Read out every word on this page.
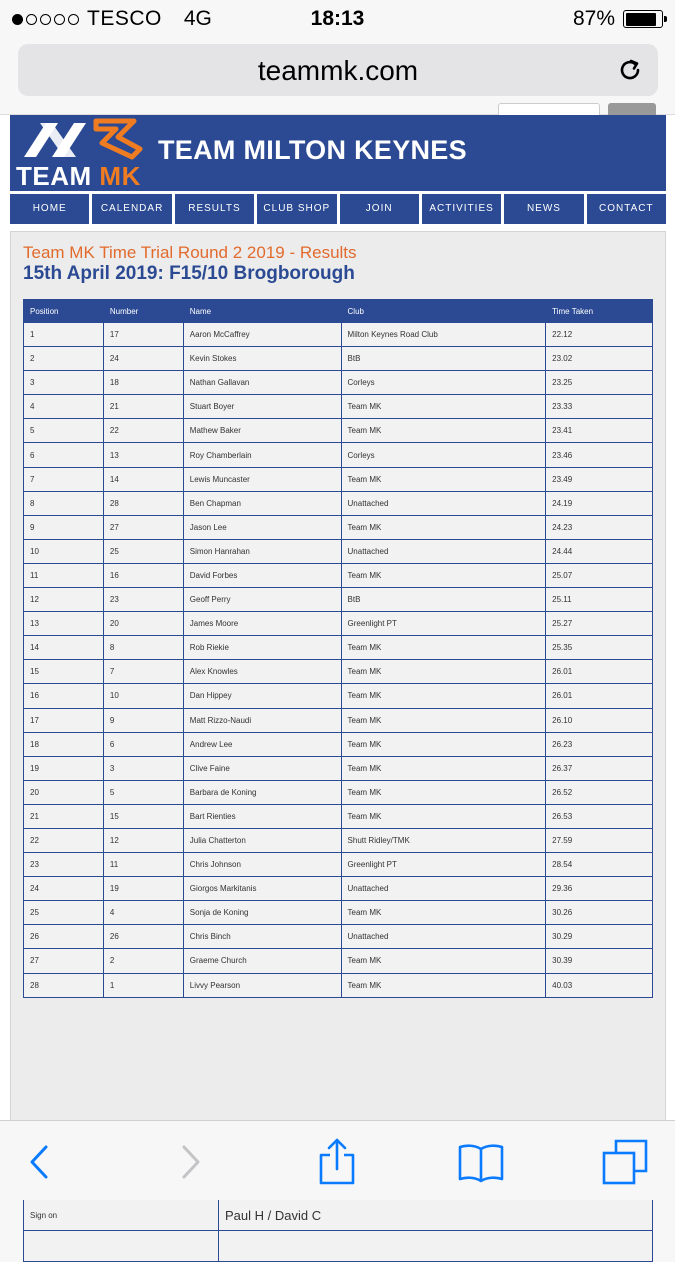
TESCO 4G	18:13	87%
teammk.com
TEAM MK
TEAM MILTON KEYNES
HOME	CALENDAR	RESULTS	CLUB SHOP	JOIN	ACTIVITIES	NEWS	CONTACT
Team MK Time Trial Round 2 2019 - Results
15th April 2019: F15/10 Brogborough
Position	Number	Name	Club	Time Taken
1	17	Aaron McCaffrey	Milton Keynes Road Club	22.12
2	24	Kevin Stokes	BtB	23.02
3	18	Nathan Gallavan	Corleys	23.25
4	21	Stuart Boyer	Team MK	23.33
5	22	Mathew Baker	Team MK	23.41
6	13	Roy Chamberlain	Corleys	23.46
7	14	Lewis Muncaster	Team MK	23.49
8	28	Ben Chapman	Unattached	24.19
9	27	Jason Lee	Team MK	24.23
10	25	Simon Hanrahan	Unattached	24.44
11	16	David Forbes	Team MK	25.07
12	23	Geoff Perry	BtB	25.11
13	20	James Moore	Greenlight PT	25.27
14	8	Rob Riekie	Team MK	25.35
15	7	Alex Knowles	Team MK	26.01
16	10	Dan Hippey	Team MK	26.01
17	9	Matt Rizzo-Naudi	Team MK	26.10
18	6	Andrew Lee	Team MK	26.23
19	3	Clive Faine	Team MK	26.37
20	5	Barbara de Koning	Team MK	26.52
21	15	Bart Rienties	Team MK	26.53
22	12	Julia Chatterton	Shutt Ridley/TMK	27.59
23	11	Chris Johnson	Greenlight PT	28.54
24	19	Giorgos Markitanis	Unattached	29.36
25	4	Sonja de Koning	Team MK	30.26
26	26	Chris Binch	Unattached	30.29
27	2	Graeme Church	Team MK	30.39
28	1	Livvy Pearson	Team MK	40.03

Sign on	Paul H / David C
